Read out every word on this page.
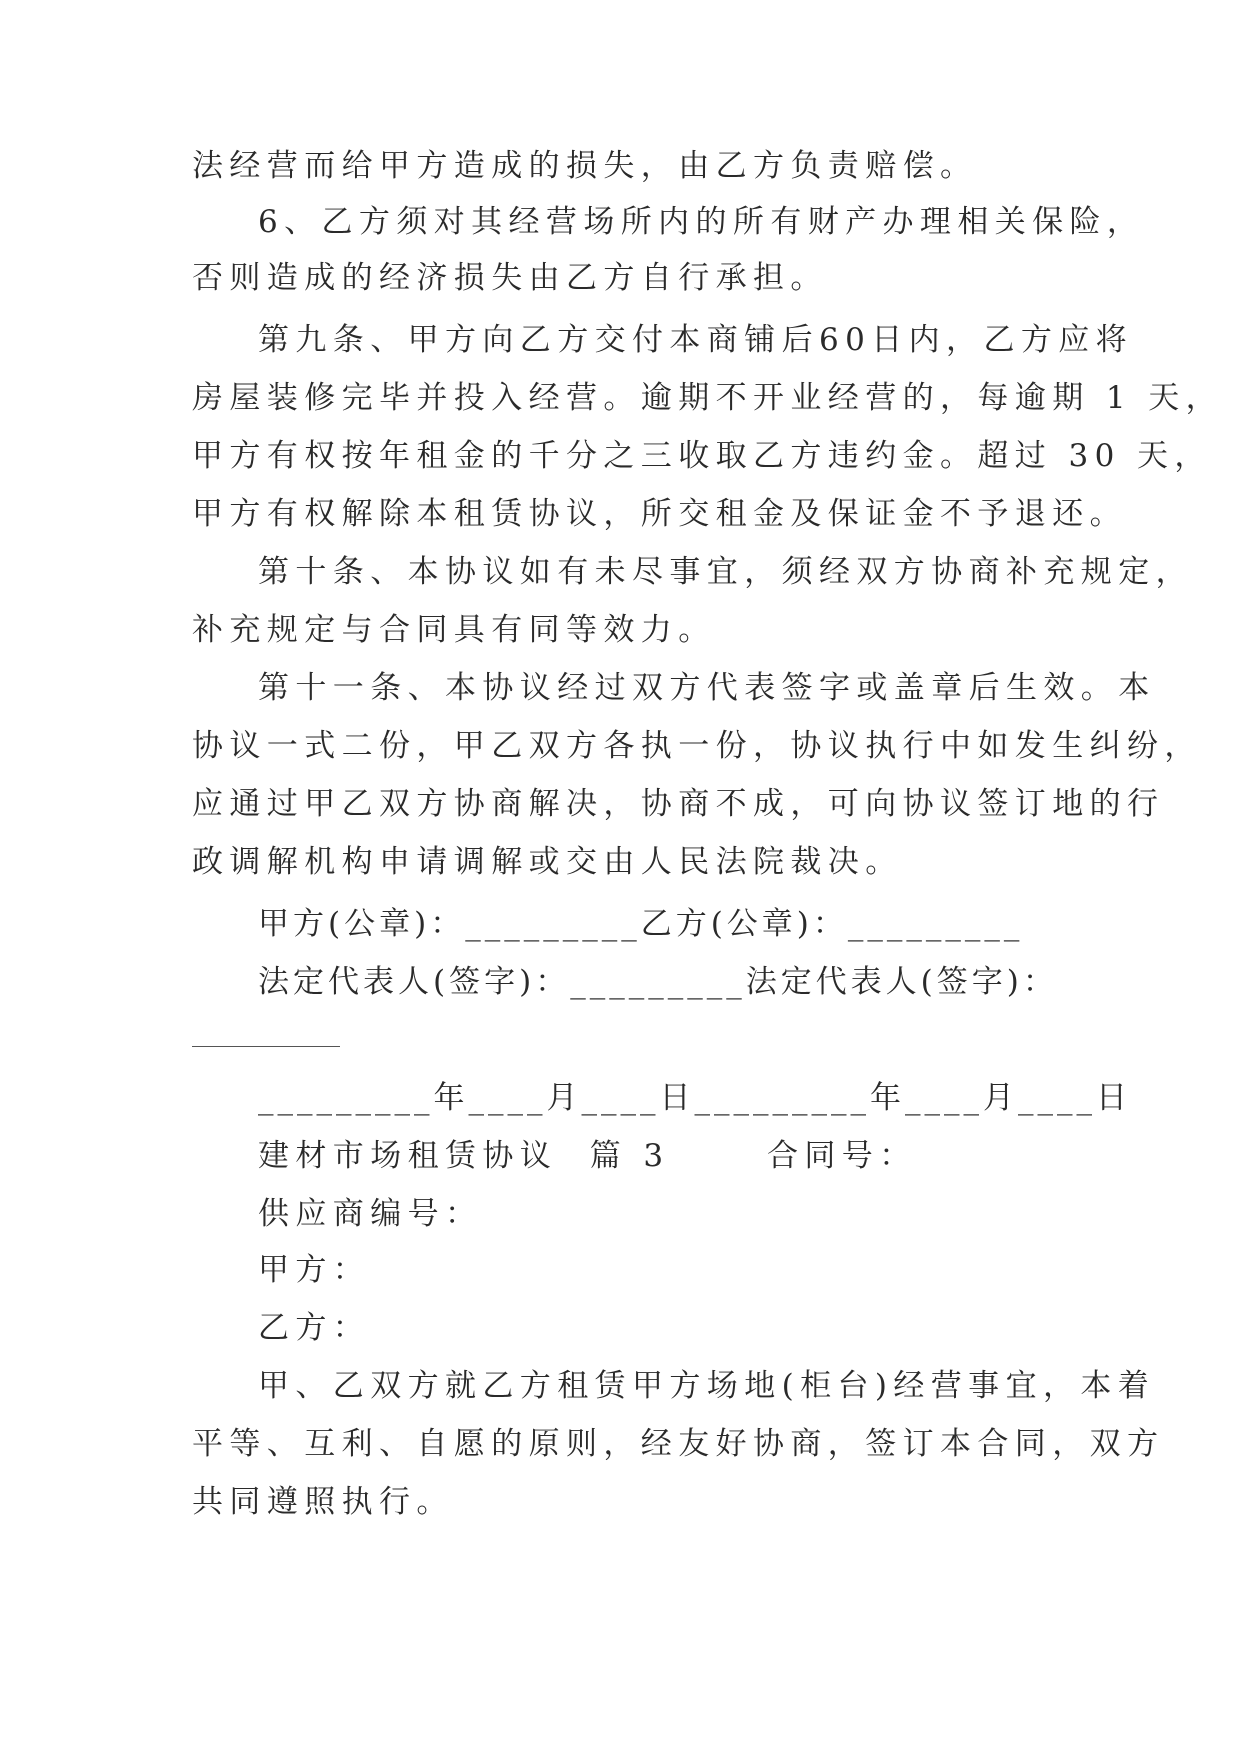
法经营而给甲方造成的损失，由乙方负责赔偿。

6、乙方须对其经营场所内的所有财产办理相关保险，

否则造成的经济损失由乙方自行承担。

第九条、甲方向乙方交付本商铺后60日内，乙方应将

房屋装修完毕并投入经营。逾期不开业经营的，每逾期 1 天，

甲方有权按年租金的千分之三收取乙方违约金。超过 30 天，

甲方有权解除本租赁协议，所交租金及保证金不予退还。

第十条、本协议如有未尽事宜，须经双方协商补充规定，

补充规定与合同具有同等效力。

第十一条、本协议经过双方代表签字或盖章后生效。本

协议一式二份，甲乙双方各执一份，协议执行中如发生纠纷，

应通过甲乙双方协商解决，协商不成，可向协议签订地的行

政调解机构申请调解或交由人民法院裁决。

甲方(公章)：_________乙方(公章)：_________

法定代表人(签字)：_________法定代表人(签字)：

_________年____月____日_________年____月____日

建材市场租赁协议  篇 3      合同号：

供应商编号：

甲方：

乙方：

甲、乙双方就乙方租赁甲方场地(柜台)经营事宜，本着

平等、互利、自愿的原则，经友好协商，签订本合同，双方

共同遵照执行。
